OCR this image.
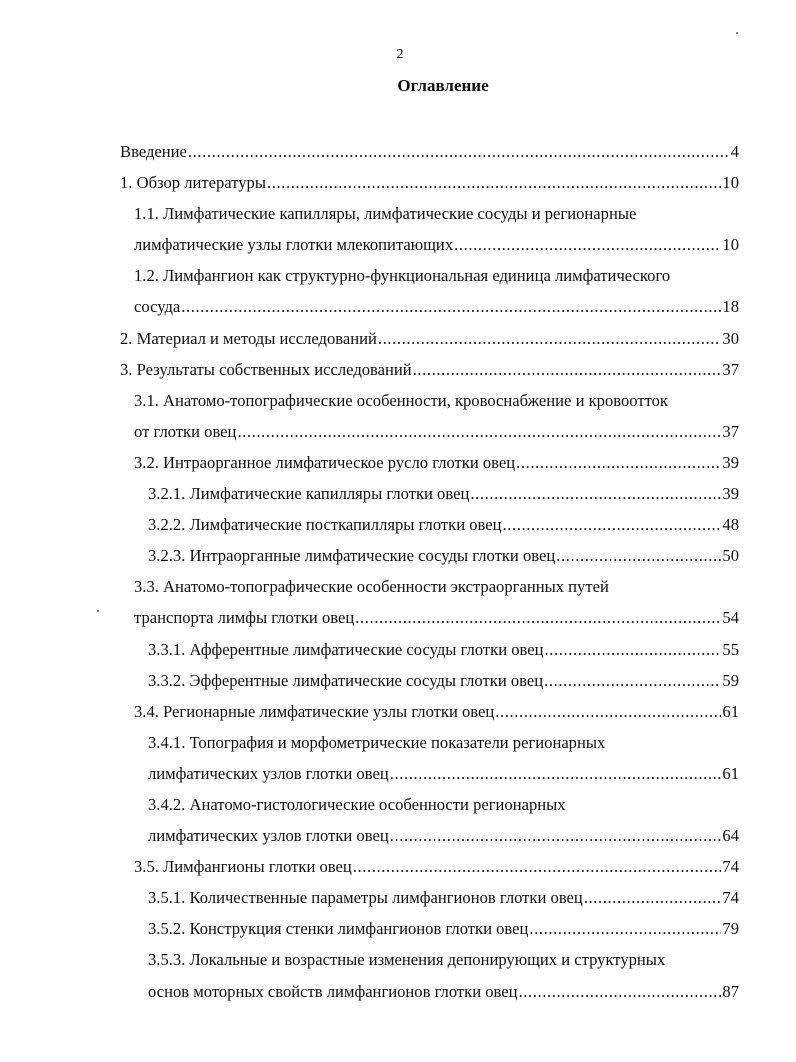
2
Оглавление
Введение .....	4
1. Обзор литературы .....	10
1.1. Лимфатические капилляры, лимфатические сосуды и регионарные
лимфатические узлы глотки млекопитающих .....	10
1.2. Лимфангион как структурно-функциональная единица лимфатического
сосуда .....	18
2. Материал и методы исследований .....	30
3. Результаты собственных исследований .....	37
3.1. Анатомо-топографические особенности, кровоснабжение и кровоотток
от глотки овец .....	37
3.2. Интраорганное лимфатическое русло глотки овец .....	39
3.2.1. Лимфатические капилляры глотки овец .....	39
3.2.2. Лимфатические посткапилляры глотки овец .....	48
3.2.3. Интраорганные лимфатические сосуды глотки овец .....	50
3.3. Анатомо-топографические особенности экстраорганных путей
транспорта лимфы глотки овец .....	54
3.3.1. Афферентные лимфатические сосуды глотки овец .....	55
3.3.2. Эфферентные лимфатические сосуды глотки овец .....	59
3.4. Регионарные лимфатические узлы глотки овец .....	61
3.4.1. Топография и морфометрические показатели регионарных
лимфатических узлов глотки овец .....	61
3.4.2. Анатомо-гистологические особенности регионарных
лимфатических узлов глотки овец .....	64
3.5. Лимфангионы глотки овец .....	74
3.5.1. Количественные параметры лимфангионов глотки овец .....	74
3.5.2. Конструкция стенки лимфангионов глотки овец .....	79
3.5.3. Локальные и возрастные изменения депонирующих и структурных
основ моторных свойств лимфангионов глотки овец .....	87
